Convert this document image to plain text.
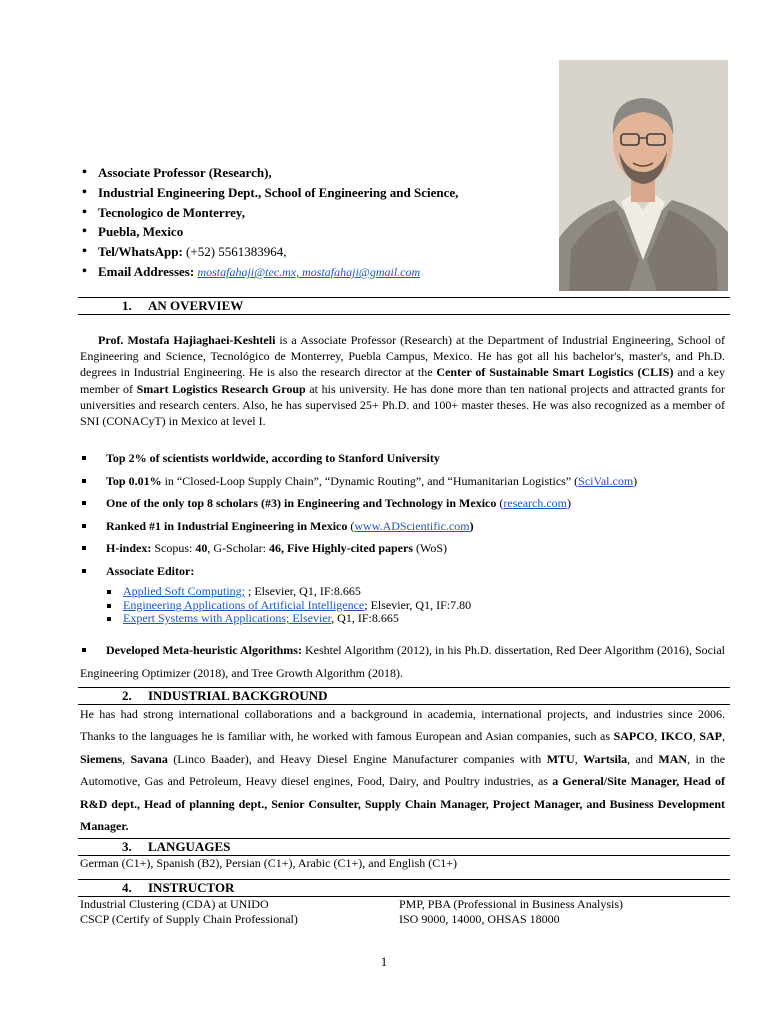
• Associate Professor (Research),
• Industrial Engineering Dept., School of Engineering and Science,
• Tecnologico de Monterrey,
• Puebla, Mexico
• Tel/WhatsApp: (+52) 5561383964,
• Email Addresses: mostafahaji@tec.mx, mostafahaji@gmail.com
1. AN OVERVIEW
Prof. Mostafa Hajiaghaei-Keshteli is a Associate Professor (Research) at the Department of Industrial Engineering, School of Engineering and Science, Tecnológico de Monterrey, Puebla Campus, Mexico. He has got all his bachelor's, master's, and Ph.D. degrees in Industrial Engineering. He is also the research director at the Center of Sustainable Smart Logistics (CLIS) and a key member of Smart Logistics Research Group at his university. He has done more than ten national projects and attracted grants for universities and research centers. Also, he has supervised 25+ Ph.D. and 100+ master theses. He was also recognized as a member of SNI (CONACyT) in Mexico at level I.
Top 2% of scientists worldwide, according to Stanford University
Top 0.01% in “Closed-Loop Supply Chain”, “Dynamic Routing”, and “Humanitarian Logistics” (SciVal.com)
One of the only top 8 scholars (#3) in Engineering and Technology in Mexico (research.com)
Ranked #1 in Industrial Engineering in Mexico (www.ADScientific.com)
H-index: Scopus: 40, G-Scholar: 46, Five Highly-cited papers (WoS)
Associate Editor:
Applied Soft Computing; ; Elsevier, Q1, IF:8.665
Engineering Applications of Artificial Intelligence; Elsevier, Q1, IF:7.80
Expert Systems with Applications; Elsevier, Q1, IF:8.665
Developed Meta-heuristic Algorithms: Keshtel Algorithm (2012), in his Ph.D. dissertation, Red Deer Algorithm (2016), Social Engineering Optimizer (2018), and Tree Growth Algorithm (2018).
2. INDUSTRIAL BACKGROUND
He has had strong international collaborations and a background in academia, international projects, and industries since 2006. Thanks to the languages he is familiar with, he worked with famous European and Asian companies, such as SAPCO, IKCO, SAP, Siemens, Savana (Linco Baader), and Heavy Diesel Engine Manufacturer companies with MTU, Wartsila, and MAN, in the Automotive, Gas and Petroleum, Heavy diesel engines, Food, Dairy, and Poultry industries, as a General/Site Manager, Head of R&D dept., Head of planning dept., Senior Consulter, Supply Chain Manager, Project Manager, and Business Development Manager.
3. LANGUAGES
German (C1+), Spanish (B2), Persian (C1+), Arabic (C1+), and English (C1+)
4. INSTRUCTOR
Industrial Clustering (CDA) at UNIDO	PMP, PBA (Professional in Business Analysis)
CSCP (Certify of Supply Chain Professional)	ISO 9000, 14000, OHSAS 18000
1
